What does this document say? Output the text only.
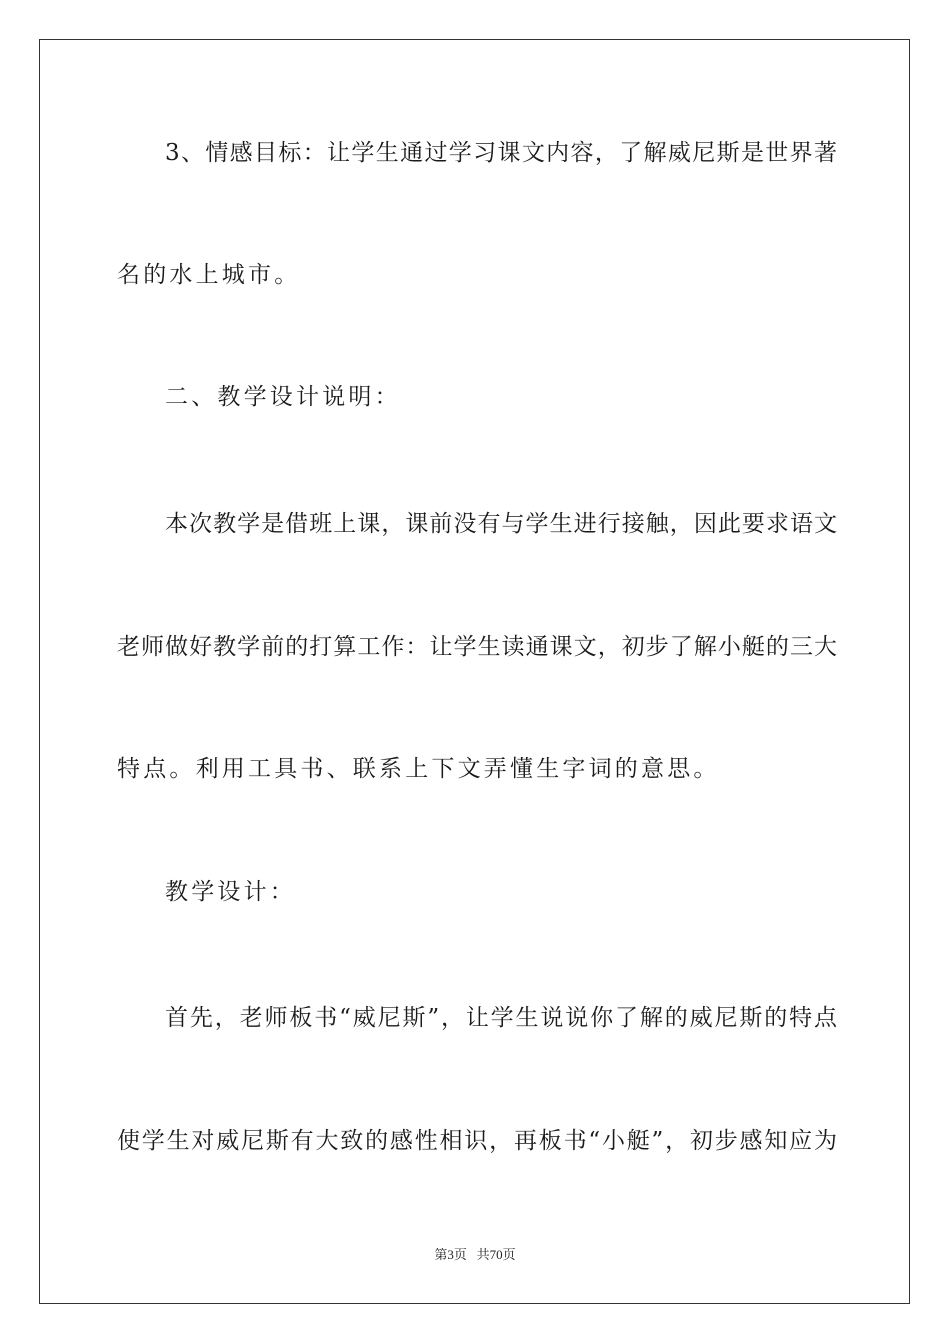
3、情感目标：让学生通过学习课文内容，了解威尼斯是世界著
名的水上城市。
二、教学设计说明：
本次教学是借班上课，课前没有与学生进行接触，因此要求语文
老师做好教学前的打算工作：让学生读通课文，初步了解小艇的三大
特点。利用工具书、联系上下文弄懂生字词的意思。
教学设计：
首先，老师板书“威尼斯”，让学生说说你了解的威尼斯的特点
使学生对威尼斯有大致的感性相识，再板书“小艇”，初步感知应为
第3页 共70页
